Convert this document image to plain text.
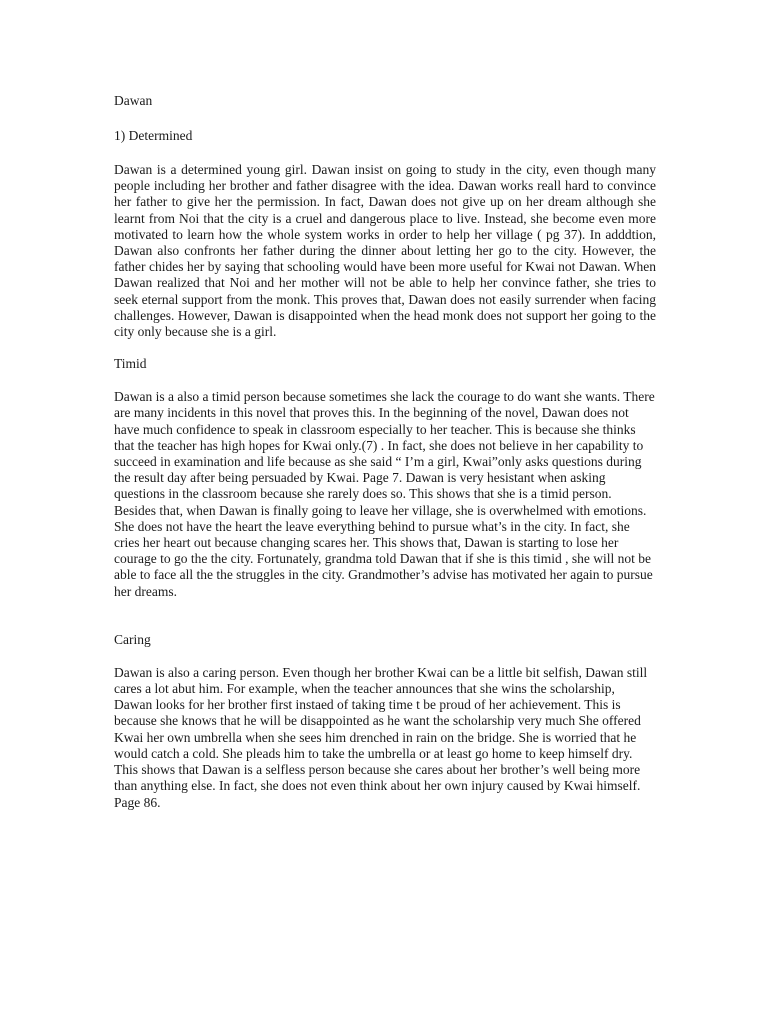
Dawan
1) Determined

Dawan is a determined young girl. Dawan insist on going to study in the city, even though many people including her brother and father disagree with the idea. Dawan works reall hard to convince her father to give her the permission. In fact, Dawan does not give up on her dream although she learnt from Noi that the city is a cruel and dangerous place to live. Instead, she become even more motivated to learn how the whole system works in order to help her village ( pg 37). In adddtion, Dawan also confronts her father during the dinner about letting her go to the city. However, the father chides her by saying that schooling would have been more useful for Kwai not Dawan. When Dawan realized that Noi and her mother will not be able to help her convince father, she tries to seek eternal support from the monk. This proves that, Dawan does not easily surrender when facing challenges. However, Dawan is disappointed when the head monk does not support her going to the city only because she is a girl.

Timid

Dawan is a also a timid person because sometimes she lack the courage to do want she wants. There are many incidents in this novel that proves this. In the beginning of the novel, Dawan does not have much confidence to speak in classroom especially to her teacher. This is because she thinks that the teacher has high hopes for Kwai only.(7) . In fact, she does not believe in her capability to succeed in examination and life because as she said “ I’m a girl, Kwai”only asks questions during the result day after being persuaded by Kwai. Page 7. Dawan is very hesistant when asking questions in the classroom because she rarely does so. This shows that she is a timid person. Besides that, when Dawan is finally going to leave her village, she is overwhelmed with emotions. She does not have the heart the leave everything behind to pursue what’s in the city. In fact, she cries her heart out because changing scares her. This shows that, Dawan is starting to lose her courage to go the the city. Fortunately, grandma told Dawan that if she is this timid , she will not be able to face all the the struggles in the city. Grandmother’s advise has motivated her again to pursue her dreams.

Caring

Dawan is also a caring person. Even though her brother Kwai can be a little bit selfish, Dawan still cares a lot abut him. For example, when the teacher announces that she wins the scholarship, Dawan looks for her brother first instaed of taking time t be proud of her achievement. This is because she knows that he will be disappointed as he want the scholarship very much She offered Kwai her own umbrella when she sees him drenched in rain on the bridge. She is worried that he would catch a cold. She pleads him to take the umbrella or at least go home to keep himself dry. This shows that Dawan is a selfless person because she cares about her brother’s well being more than anything else. In fact, she does not even think about her own injury caused by Kwai himself. Page 86.
